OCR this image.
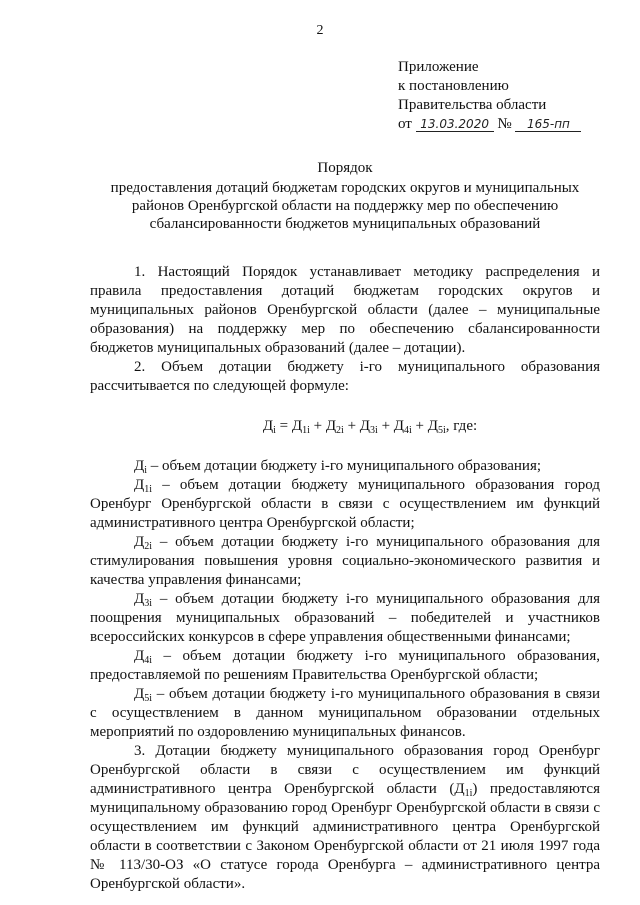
2
Приложение
к постановлению
Правительства области
от 13.03.2020 № 165-пп
Порядок
предоставления дотаций бюджетам городских округов и муниципальных
районов Оренбургской области на поддержку мер по обеспечению
сбалансированности бюджетов муниципальных образований

1. Настоящий Порядок устанавливает методику распределения и правила предоставления дотаций бюджетам городских округов и муниципальных районов Оренбургской области (далее – муниципальные образования) на поддержку мер по обеспечению сбалансированности бюджетов муниципальных образований (далее – дотации).

2. Объем дотации бюджету i-го муниципального образования рассчитывается по следующей формуле:

$Д_i = Д_{1i} + Д_{2i} + Д_{3i} + Д_{4i} + Д_{5i}$, где:

$Д_i$ – объем дотации бюджету i-го муниципального образования;

$Д_{1i}$ – объем дотации бюджету муниципального образования город Оренбург Оренбургской области в связи с осуществлением им функций административного центра Оренбургской области;

$Д_{2i}$ – объем дотации бюджету i-го муниципального образования для стимулирования повышения уровня социально-экономического развития и качества управления финансами;

$Д_{3i}$ – объем дотации бюджету i-го муниципального образования для поощрения муниципальных образований – победителей и участников всероссийских конкурсов в сфере управления общественными финансами;

$Д_{4i}$ – объем дотации бюджету i-го муниципального образования, предоставляемой по решениям Правительства Оренбургской области;

$Д_{5i}$ – объем дотации бюджету i-го муниципального образования в связи с осуществлением в данном муниципальном образовании отдельных мероприятий по оздоровлению муниципальных финансов.

3. Дотации бюджету муниципального образования город Оренбург Оренбургской области в связи с осуществлением им функций административного центра Оренбургской области $(Д_{1i})$ предоставляются муниципальному образованию город Оренбург Оренбургской области в связи с осуществлением им функций административного центра Оренбургской области в соответствии с Законом Оренбургской области от 21 июля 1997 года № 113/30-ОЗ «О статусе города Оренбурга – административного центра Оренбургской области».
